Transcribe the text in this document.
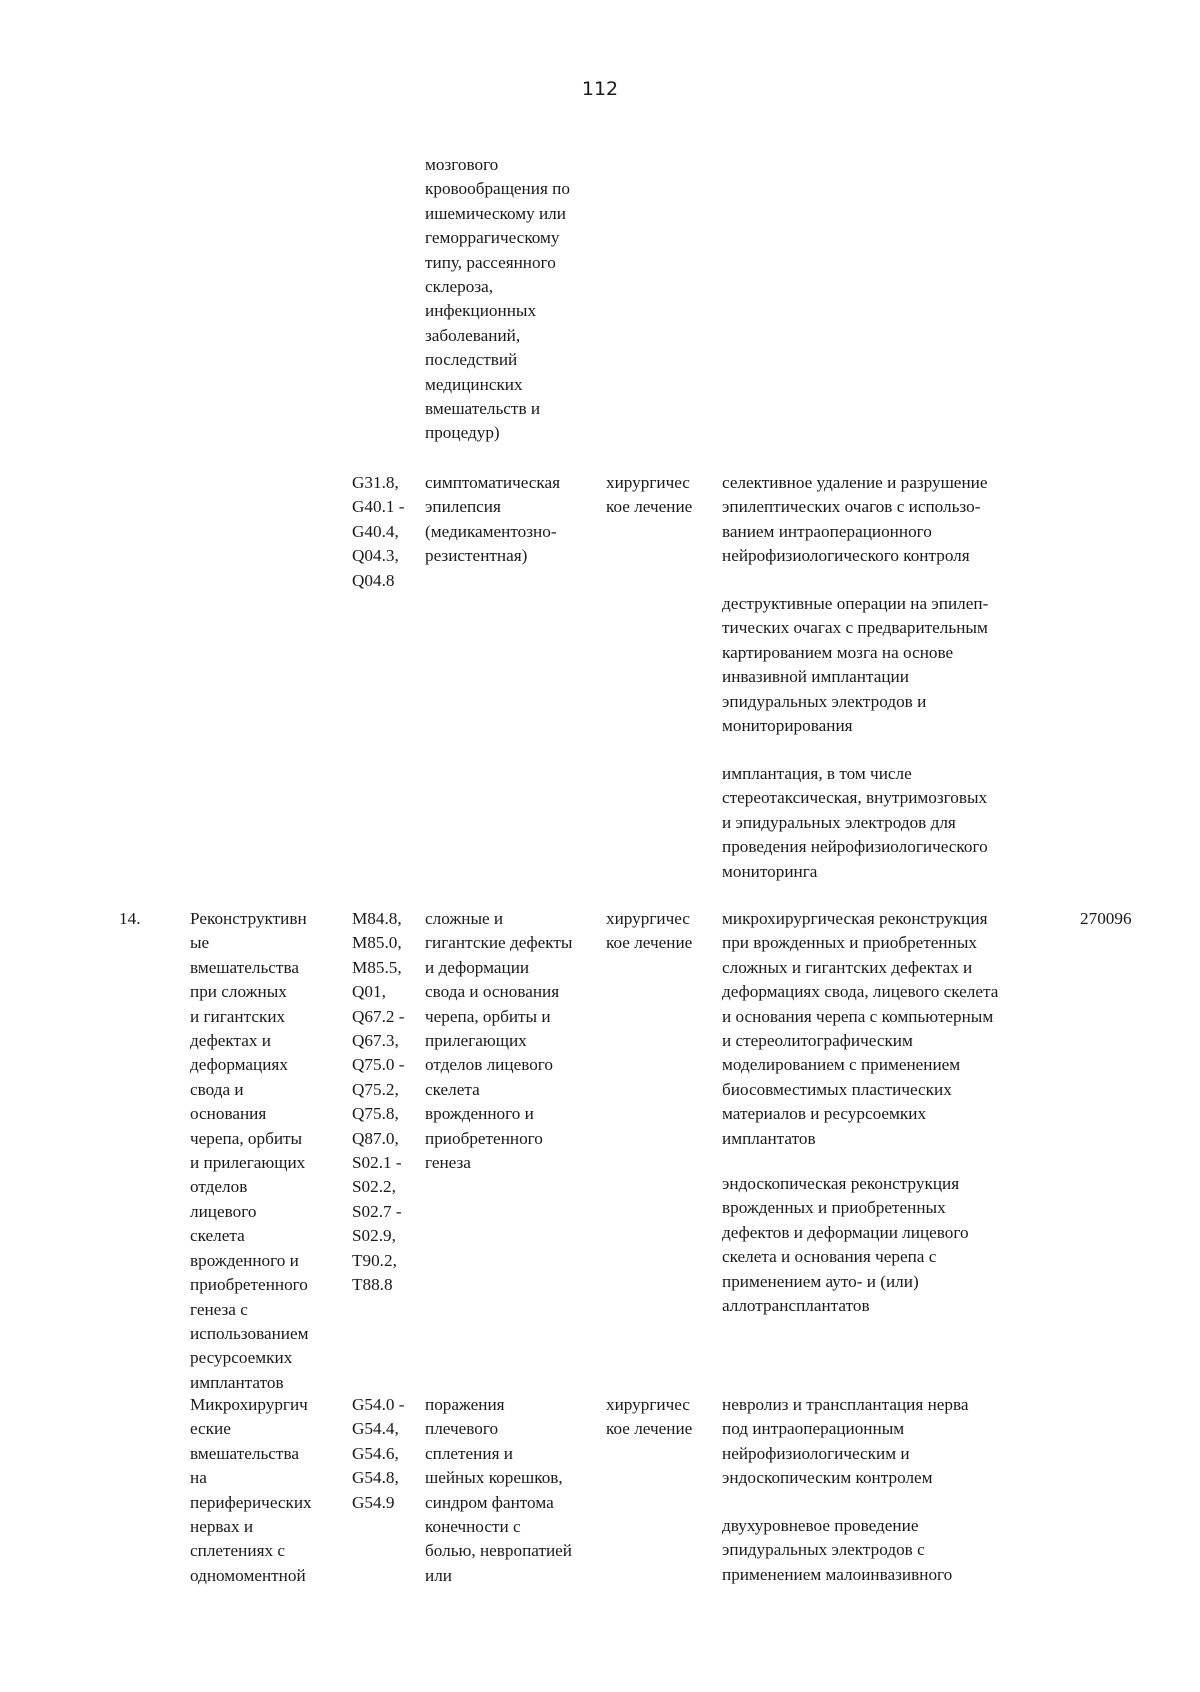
112
мозгового
кровообращения по
ишемическому или
геморрагическому
типу, рассеянного
склероза,
инфекционных
заболеваний,
последствий
медицинских
вмешательств и
процедур)
G31.8,
G40.1 -
G40.4,
Q04.3,
Q04.8
симптоматическая
эпилепсия
(медикаментозно-
резистентная)
хирургичес
кое лечение
селективное удаление и разрушение
эпилептических очагов с использо-
ванием интраоперационного
нейрофизиологического контроля
деструктивные операции на эпилеп-
тических очагах с предварительным
картированием мозга на основе
инвазивной имплантации
эпидуральных электродов и
мониторирования
имплантация, в том числе
стереотаксическая, внутримозговых
и эпидуральных электродов для
проведения нейрофизиологического
мониторинга
14.	Реконструктивн
ые
вмешательства
при сложных
и гигантских
дефектах и
деформациях
свода и
основания
черепа, орбиты
и прилегающих
отделов
лицевого
скелета
врожденного и
приобретенного
генеза с
использованием
ресурсоемких
имплантатов
M84.8,
M85.0,
M85.5,
Q01,
Q67.2 -
Q67.3,
Q75.0 -
Q75.2,
Q75.8,
Q87.0,
S02.1 -
S02.2,
S02.7 -
S02.9,
T90.2,
T88.8
сложные и
гигантские дефекты
и деформации
свода и основания
черепа, орбиты и
прилегающих
отделов лицевого
скелета
врожденного и
приобретенного
генеза
хирургичес
кое лечение
микрохирургическая реконструкция
при врожденных и приобретенных
сложных и гигантских дефектах и
деформациях свода, лицевого скелета
и основания черепа с компьютерным
и стереолитографическим
моделированием с применением
биосовместимых пластических
материалов и ресурсоемких
имплантатов
эндоскопическая реконструкция
врожденных и приобретенных
дефектов и деформации лицевого
скелета и основания черепа с
применением ауто- и (или)
аллотрансплантатов
270096
Микрохирургич
еские
вмешательства
на
периферических
нервах и
сплетениях с
одномоментной
G54.0 -
G54.4,
G54.6,
G54.8,
G54.9
поражения
плечевого
сплетения и
шейных корешков,
синдром фантома
конечности с
болью, невропатией
или
хирургичес
кое лечение
невролиз и трансплантация нерва
под интраоперационным
нейрофизиологическим и
эндоскопическим контролем
двухуровневое проведение
эпидуральных электродов с
применением малоинвазивного
